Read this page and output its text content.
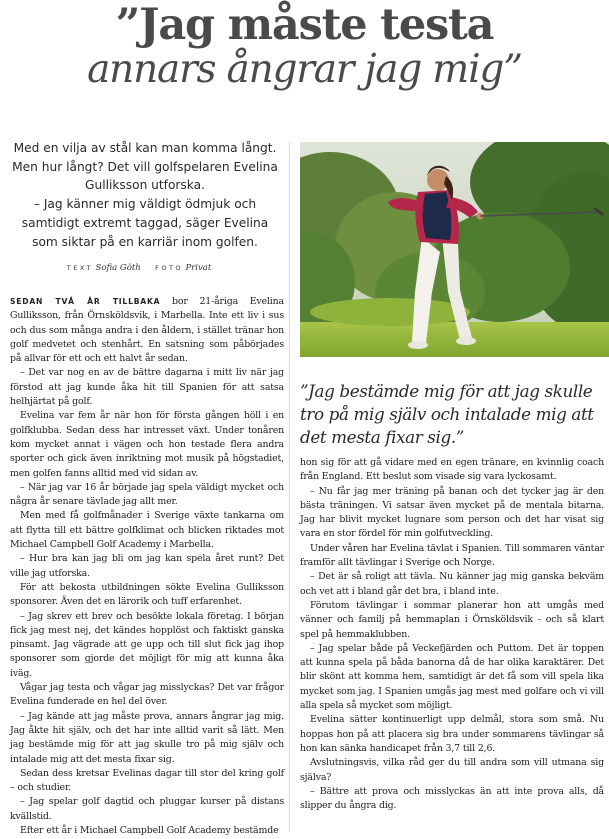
”Jag måste testa
annars ångrar jag mig”

Med en vilja av stål kan man komma långt. Men hur långt? Det vill golfspelaren Evelina Gulliksson utforska.

– Jag känner mig väldigt ödmjuk och samtidigt extremt taggad, säger Evelina som siktar på en karriär inom golfen.

TEXT Sofia Göth FOTO Privat

SEDAN TVÅ ÅR TILLBAKA bor 21-åriga Evelina Gulliksson, från Örnsköldsvik, i Marbella. Inte ett liv i sus och dus som många andra i den åldern, i stället tränar hon golf medvetet och stenhårt. En satsning som påbörjades på allvar för ett och ett halvt år sedan.

– Det var nog en av de bättre dagarna i mitt liv när jag förstod att jag kunde åka hit till Spanien för att satsa helhjärtat på golf.

Evelina var fem år när hon för första gången höll i en golfklubba. Sedan dess har intresset växt. Under tonåren kom mycket annat i vägen och hon testade flera andra sporter och gick även inriktning mot musik på högstadiet, men golfen fanns alltid med vid sidan av.

– När jag var 16 år började jag spela väldigt mycket och några år senare tävlade jag allt mer.

Men med få golfmånader i Sverige växte tankarna om att flytta till ett bättre golfklimat och blicken riktades mot Michael Campbell Golf Academy i Marbella.

– Hur bra kan jag bli om jag kan spela året runt? Det ville jag utforska.

För att bekosta utbildningen sökte Evelina Gulliksson sponsorer. Även det en lärorik och tuff erfarenhet.

– Jag skrev ett brev och besökte lokala företag. I början fick jag mest nej, det kändes hopplöst och faktiskt ganska pinsamt. Jag vägrade att ge upp och till slut fick jag ihop sponsorer som gjorde det möjligt för mig att kunna åka iväg.

Vågar jag testa och vågar jag misslyckas? Det var frågor Evelina funderade en hel del över.

– Jag kände att jag måste prova, annars ångrar jag mig. Jag åkte hit själv, och det har inte alltid varit så lätt. Men jag bestämde mig för att jag skulle tro på mig själv och intalade mig att det mesta fixar sig.

Sedan dess kretsar Evelinas dagar till stor del kring golf – och studier.

– Jag spelar golf dagtid och pluggar kurser på distans kvällstid.

Efter ett år i Michael Campbell Golf Academy bestämde

”Jag bestämde mig för att jag skulle tro på mig själv och intalade mig att det mesta fixar sig.”

hon sig för att gå vidare med en egen tränare, en kvinnlig coach från England. Ett beslut som visade sig vara lyckosamt.

– Nu får jag mer träning på banan och det tycker jag är den bästa träningen. Vi satsar även mycket på de mentala bitarna. Jag har blivit mycket lugnare som person och det har visat sig vara en stor fördel för min golfutveckling.

Under våren har Evelina tävlat i Spanien. Till sommaren väntar framför allt tävlingar i Sverige och Norge.

– Det är så roligt att tävla. Nu känner jag mig ganska bekväm och vet att i bland går det bra, i bland inte.

Förutom tävlingar i sommar planerar hon att umgås med vänner och familj på hemmaplan i Örnsköldsvik - och så klart spel på hemmaklubben.

– Jag spelar både på Veckefjärden och Puttom. Det är toppen att kunna spela på båda banorna då de har olika karaktärer. Det blir skönt att komma hem, samtidigt är det få som vill spela lika mycket som jag. I Spanien umgås jag mest med golfare och vi vill alla spela så mycket som möjligt.

Evelina sätter kontinuerligt upp delmål, stora som små. Nu hoppas hon på att placera sig bra under sommarens tävlingar så hon kan sänka handicapet från 3,7 till 2,6.

Avslutningsvis, vilka råd ger du till andra som vill utmana sig själva?

– Bättre att prova och misslyckas än att inte prova alls, då slipper du ångra dig.
